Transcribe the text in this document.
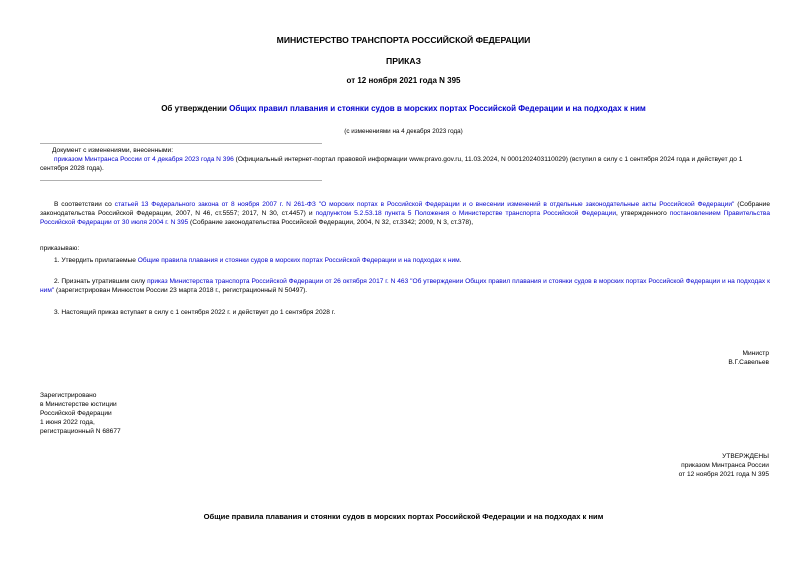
МИНИСТЕРСТВО ТРАНСПОРТА РОССИЙСКОЙ ФЕДЕРАЦИИ
ПРИКАЗ
от 12 ноября 2021 года N 395
Об утверждении Общих правил плавания и стоянки судов в морских портах Российской Федерации и на подходах к ним
(с изменениями на 4 декабря 2023 года)
Документ с изменениями, внесенными:
приказом Минтранса России от 4 декабря 2023 года N 396 (Официальный интернет-портал правовой информации www.pravo.gov.ru, 11.03.2024, N 0001202403110029) (вступил в силу с 1 сентября 2024 года и действует до 1 сентября 2028 года).
В соответствии со статьей 13 Федерального закона от 8 ноября 2007 г. N 261-ФЗ "О морских портах в Российской Федерации и о внесении изменений в отдельные законодательные акты Российской Федерации" (Собрание законодательства Российской Федерации, 2007, N 46, ст.5557; 2017, N 30, ст.4457) и подпунктом 5.2.53.18 пункта 5 Положения о Министерстве транспорта Российской Федерации, утвержденного постановлением Правительства Российской Федерации от 30 июля 2004 г. N 395 (Собрание законодательства Российской Федерации, 2004, N 32, ст.3342; 2009, N 3, ст.378),
приказываю:
1. Утвердить прилагаемые Общие правила плавания и стоянки судов в морских портах Российской Федерации и на подходах к ним.
2. Признать утратившим силу приказ Министерства транспорта Российской Федерации от 26 октября 2017 г. N 463 "Об утверждении Общих правил плавания и стоянки судов в морских портах Российской Федерации и на подходах к ним" (зарегистрирован Минюстом России 23 марта 2018 г., регистрационный N 50497).
3. Настоящий приказ вступает в силу с 1 сентября 2022 г. и действует до 1 сентября 2028 г.
Министр
В.Г.Савельев
Зарегистрировано
в Министерстве юстиции
Российской Федерации
1 июня 2022 года,
регистрационный N 68677
УТВЕРЖДЕНЫ
приказом Минтранса России
от 12 ноября 2021 года N 395
Общие правила плавания и стоянки судов в морских портах Российской Федерации и на подходах к ним
